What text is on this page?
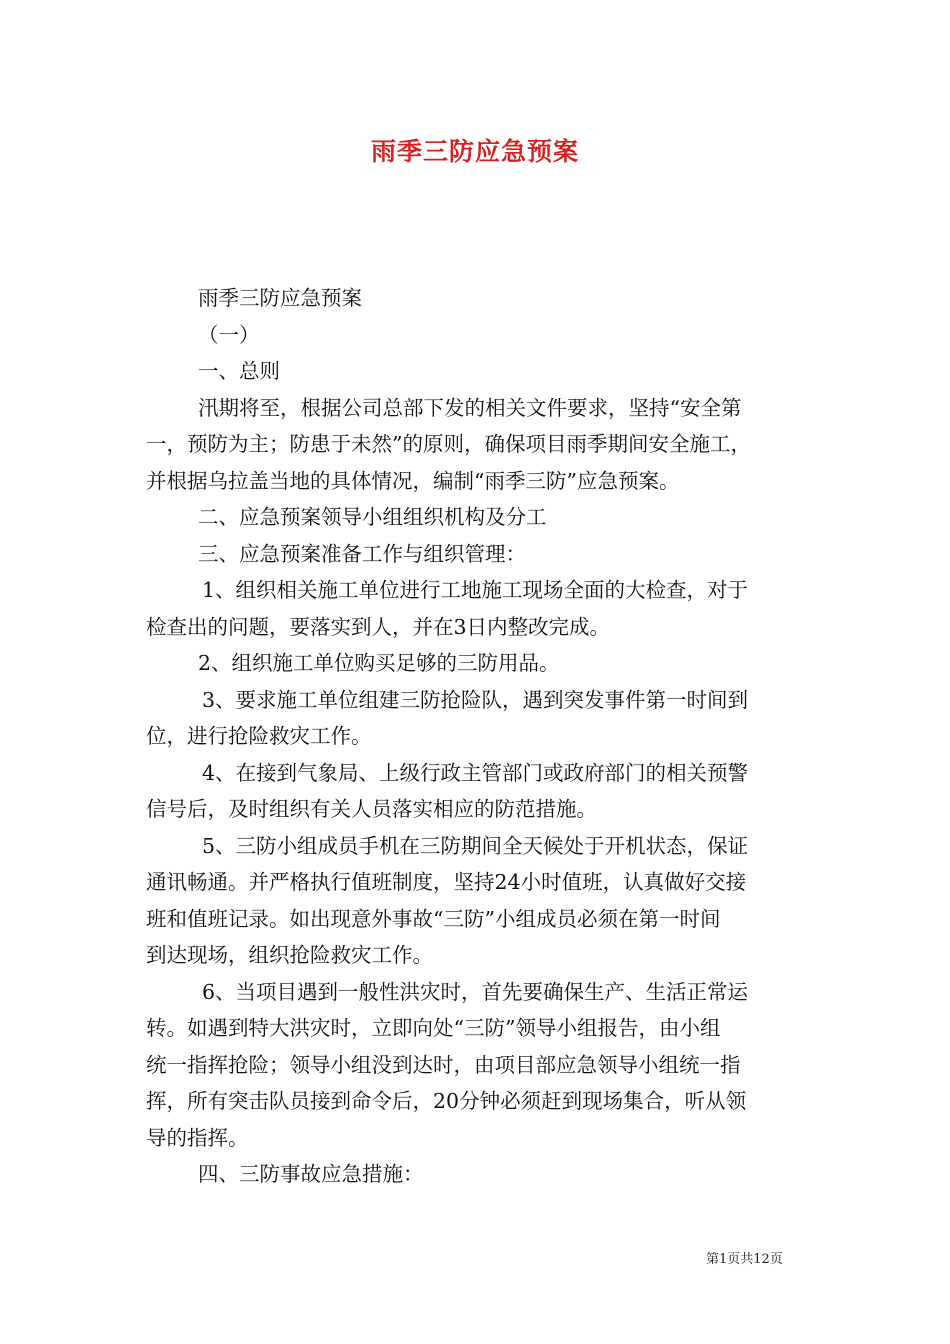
雨季三防应急预案

雨季三防应急预案

（一）

一、总则

汛期将至，根据公司总部下发的相关文件要求，坚持“安全第

一，预防为主；防患于未然”的原则，确保项目雨季期间安全施工，

并根据乌拉盖当地的具体情况，编制“雨季三防”应急预案。

二、应急预案领导小组组织机构及分工

三、应急预案准备工作与组织管理：

1、组织相关施工单位进行工地施工现场全面的大检查，对于

检查出的问题，要落实到人，并在3日内整改完成。

2、组织施工单位购买足够的三防用品。

3、要求施工单位组建三防抢险队，遇到突发事件第一时间到

位，进行抢险救灾工作。

4、在接到气象局、上级行政主管部门或政府部门的相关预警

信号后，及时组织有关人员落实相应的防范措施。

5、三防小组成员手机在三防期间全天候处于开机状态，保证

通讯畅通。并严格执行值班制度，坚持24小时值班，认真做好交接

班和值班记录。如出现意外事故“三防”小组成员必须在第一时间

到达现场，组织抢险救灾工作。

6、当项目遇到一般性洪灾时，首先要确保生产、生活正常运

转。如遇到特大洪灾时，立即向处“三防”领导小组报告，由小组

统一指挥抢险；领导小组没到达时，由项目部应急领导小组统一指

挥，所有突击队员接到命令后，20分钟必须赶到现场集合，听从领

导的指挥。

四、三防事故应急措施：

第1页共12页
